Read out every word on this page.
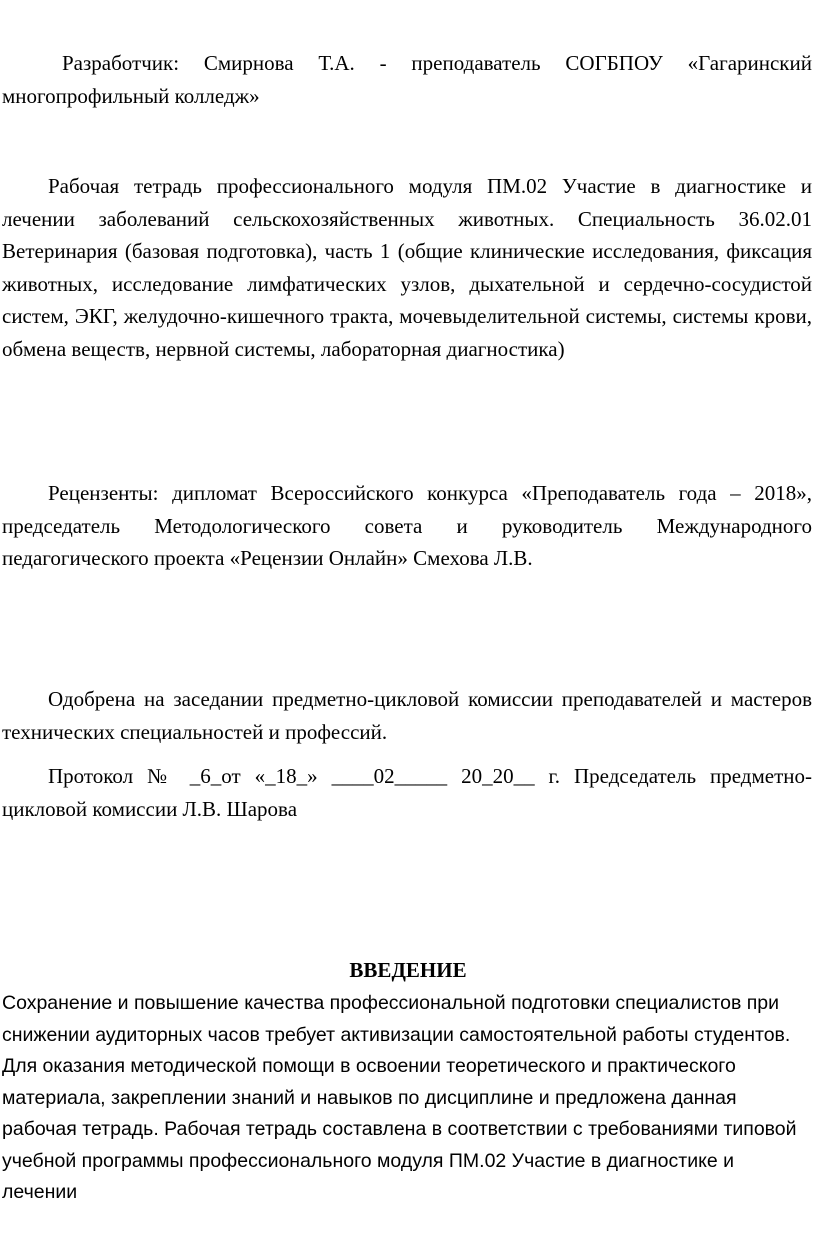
Разработчик: Смирнова Т.А. - преподаватель СОГБПОУ «Гагаринский многопрофильный колледж»

Рабочая тетрадь профессионального модуля ПМ.02 Участие в диагностике и лечении заболеваний сельскохозяйственных животных. Специальность 36.02.01 Ветеринария (базовая подготовка), часть 1 (общие клинические исследования, фиксация животных, исследование лимфатических узлов, дыхательной и сердечно-сосудистой систем, ЭКГ, желудочно-кишечного тракта, мочевыделительной системы, системы крови, обмена веществ, нервной системы, лабораторная диагностика)

Рецензенты: дипломат Всероссийского конкурса «Преподаватель года – 2018», председатель Методологического совета и руководитель Международного педагогического проекта «Рецензии Онлайн» Смехова Л.В.

Одобрена на заседании предметно-цикловой комиссии преподавателей и мастеров технических специальностей и профессий.

Протокол № _6_от «_18_» ____02_____ 20_20__ г. Председатель предметно-цикловой комиссии Л.В. Шарова

ВВЕДЕНИЕ

Сохранение и повышение качества профессиональной подготовки специалистов при снижении аудиторных часов требует активизации самостоятельной работы студентов. Для оказания методической помощи в освоении теоретического и практического материала, закреплении знаний и навыков по дисциплине и предложена данная рабочая тетрадь. Рабочая тетрадь составлена в соответствии с требованиями типовой учебной программы профессионального модуля ПМ.02 Участие в диагностике и лечении
